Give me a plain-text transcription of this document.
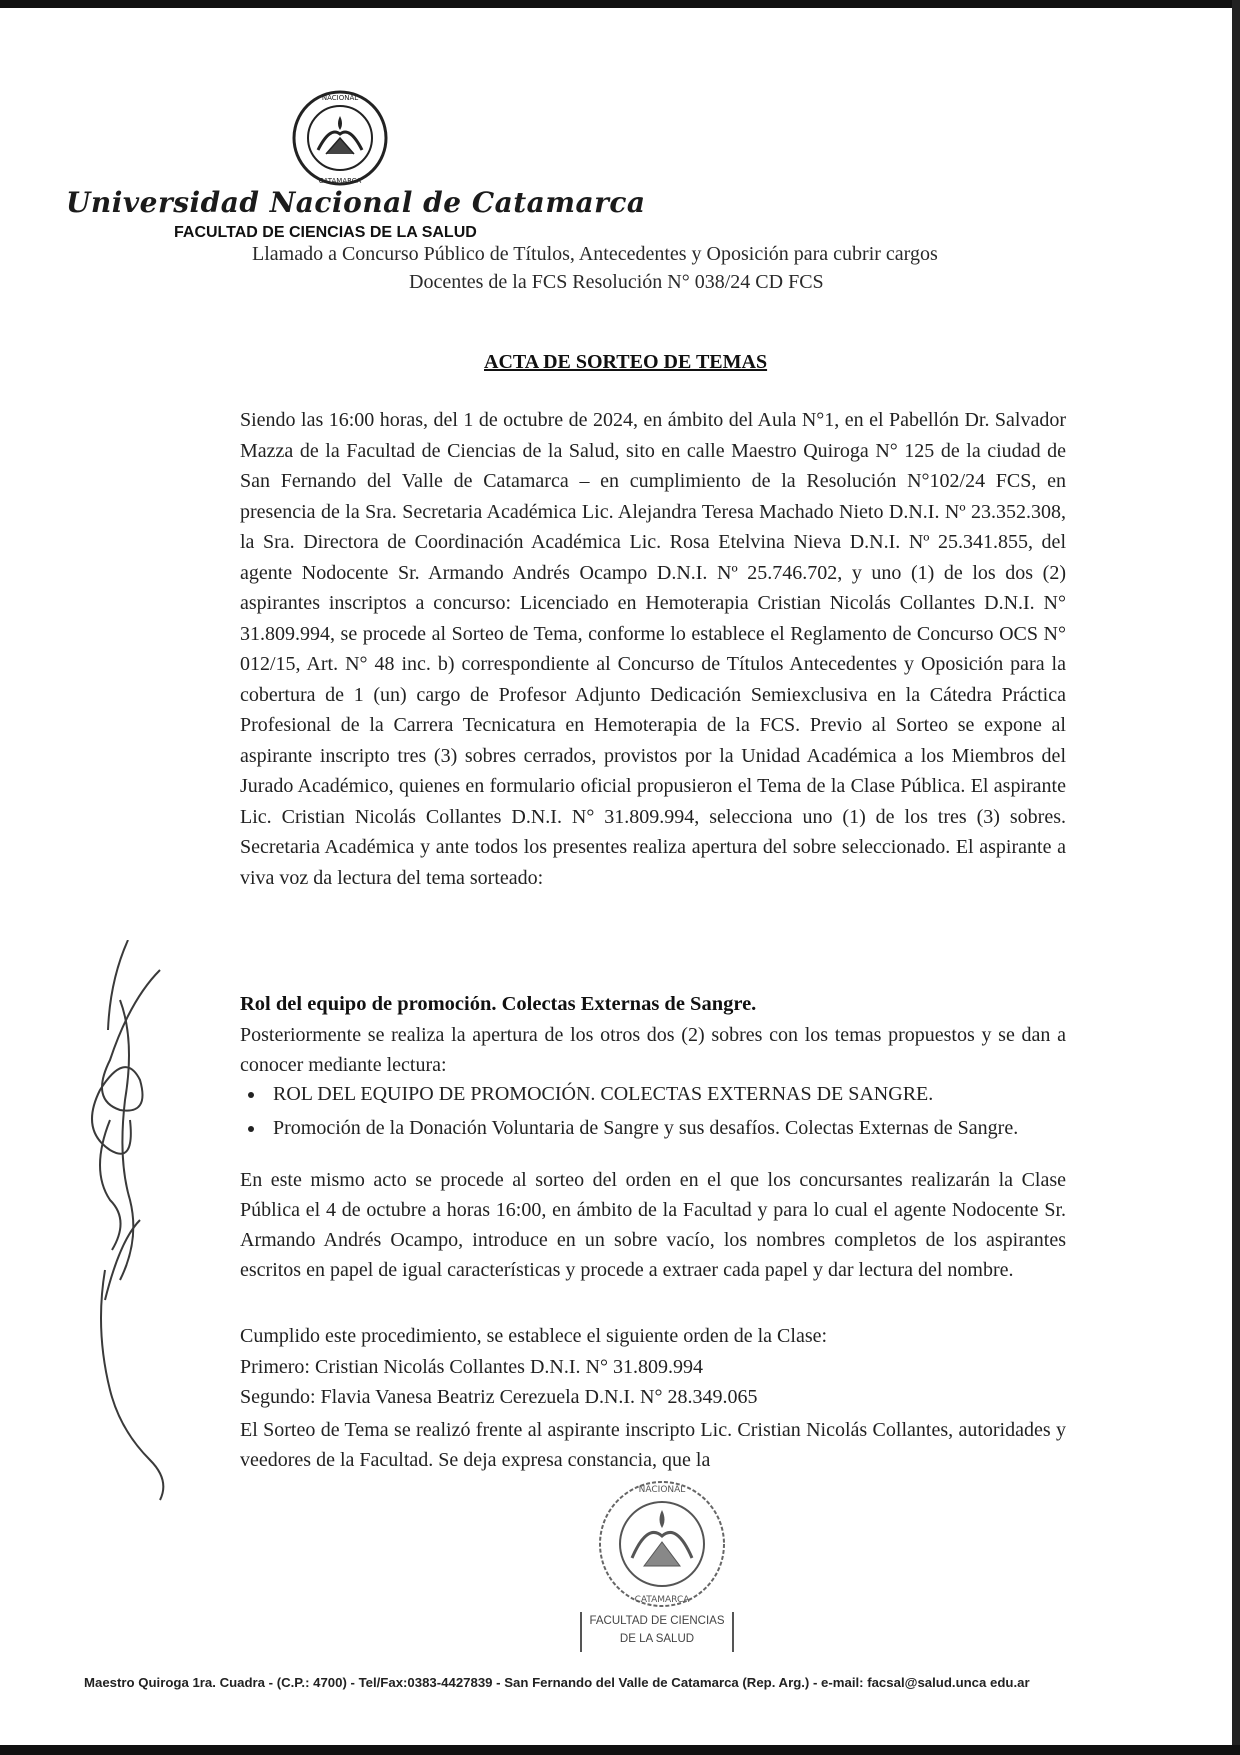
NACIONAL
CATAMARCA
Universidad Nacional de Catamarca
FACULTAD DE CIENCIAS DE LA SALUD
Llamado a Concurso Público de Títulos, Antecedentes y Oposición para cubrir cargos
Docentes de la FCS Resolución N° 038/24 CD FCS
ACTA DE SORTEO DE TEMAS
Siendo las 16:00 horas, del 1 de octubre de 2024, en ámbito del Aula N°1, en el Pabellón Dr. Salvador Mazza de la Facultad de Ciencias de la Salud, sito en calle Maestro Quiroga N° 125 de la ciudad de San Fernando del Valle de Catamarca – en cumplimiento de la Resolución N°102/24 FCS, en presencia de la Sra. Secretaria Académica Lic. Alejandra Teresa Machado Nieto D.N.I. Nº 23.352.308, la Sra. Directora de Coordinación Académica Lic. Rosa Etelvina Nieva D.N.I. Nº 25.341.855, del agente Nodocente Sr. Armando Andrés Ocampo D.N.I. Nº 25.746.702, y uno (1) de los dos (2) aspirantes inscriptos a concurso: Licenciado en Hemoterapia Cristian Nicolás Collantes D.N.I. N° 31.809.994, se procede al Sorteo de Tema, conforme lo establece el Reglamento de Concurso OCS N° 012/15, Art. N° 48 inc. b) correspondiente al Concurso de Títulos Antecedentes y Oposición para la cobertura de 1 (un) cargo de Profesor Adjunto Dedicación Semiexclusiva en la Cátedra Práctica Profesional de la Carrera Tecnicatura en Hemoterapia de la FCS. Previo al Sorteo se expone al aspirante inscripto tres (3) sobres cerrados, provistos por la Unidad Académica a los Miembros del Jurado Académico, quienes en formulario oficial propusieron el Tema de la Clase Pública. El aspirante Lic. Cristian Nicolás Collantes D.N.I. N° 31.809.994, selecciona uno (1) de los tres (3) sobres. Secretaria Académica y ante todos los presentes realiza apertura del sobre seleccionado. El aspirante a viva voz da lectura del tema sorteado:
Rol del equipo de promoción. Colectas Externas de Sangre.
Posteriormente se realiza la apertura de los otros dos (2) sobres con los temas propuestos y se dan a conocer mediante lectura:
ROL DEL EQUIPO DE PROMOCIÓN. COLECTAS EXTERNAS DE SANGRE.
Promoción de la Donación Voluntaria de Sangre y sus desafíos. Colectas Externas de Sangre.
En este mismo acto se procede al sorteo del orden en el que los concursantes realizarán la Clase Pública el 4 de octubre a horas 16:00, en ámbito de la Facultad y para lo cual el agente Nodocente Sr. Armando Andrés Ocampo, introduce en un sobre vacío, los nombres completos de los aspirantes escritos en papel de igual características y procede a extraer cada papel y dar lectura del nombre.
Cumplido este procedimiento, se establece el siguiente orden de la Clase:
Primero: Cristian Nicolás Collantes D.N.I. N° 31.809.994
Segundo: Flavia Vanesa Beatriz Cerezuela D.N.I. N° 28.349.065
El Sorteo de Tema se realizó frente al aspirante inscripto Lic. Cristian Nicolás Collantes, autoridades y veedores de la Facultad. Se deja expresa constancia, que la
NACIONAL
CATAMARCA
FACULTAD DE CIENCIAS
DE LA SALUD
Maestro Quiroga 1ra. Cuadra - (C.P.: 4700) - Tel/Fax:0383-4427839 - San Fernando del Valle de Catamarca (Rep. Arg.) - e-mail: facsal@salud.unca edu.ar
